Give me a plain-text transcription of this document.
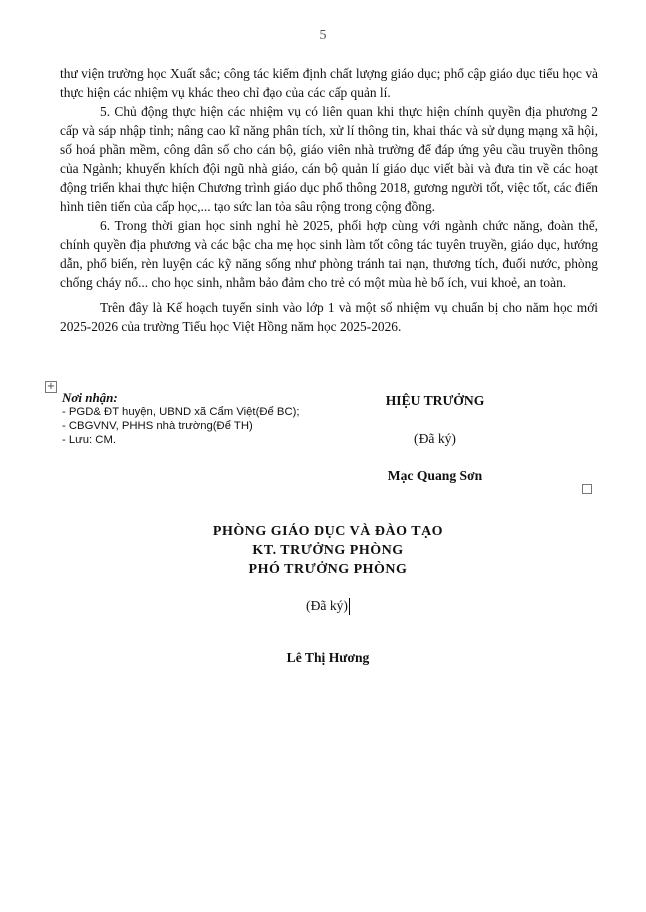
5

thư viện trường học Xuất sắc; công tác kiểm định chất lượng giáo dục; phổ cập giáo dục tiểu học và thực hiện các nhiệm vụ khác theo chỉ đạo của các cấp quản lí.

5. Chủ động thực hiện các nhiệm vụ có liên quan khi thực hiện chính quyền địa phương 2 cấp và sáp nhập tỉnh; nâng cao kĩ năng phân tích, xử lí thông tin, khai thác và sử dụng mạng xã hội, số hoá phần mềm, công dân số cho cán bộ, giáo viên nhà trường để đáp ứng yêu cầu truyền thông của Ngành; khuyến khích đội ngũ nhà giáo, cán bộ quản lí giáo dục viết bài và đưa tin về các hoạt động triển khai thực hiện Chương trình giáo dục phổ thông 2018, gương người tốt, việc tốt, các điển hình tiên tiến của cấp học,... tạo sức lan tỏa sâu rộng trong cộng đồng.

6. Trong thời gian học sinh nghỉ hè 2025, phối hợp cùng với ngành chức năng, đoàn thể, chính quyền địa phương và các bậc cha mẹ học sinh làm tốt công tác tuyên truyền, giáo dục, hướng dẫn, phổ biến, rèn luyện các kỹ năng sống như phòng tránh tai nạn, thương tích, đuối nước, phòng chống cháy nổ... cho học sinh, nhằm bảo đảm cho trẻ có một mùa hè bổ ích, vui khoẻ, an toàn.

Trên đây là Kế hoạch tuyển sinh vào lớp 1 và một số nhiệm vụ chuẩn bị cho năm học mới 2025-2026 của trường Tiểu học Việt Hồng năm học 2025-2026.

+
Nơi nhận:
- PGD& ĐT huyện, UBND xã Cẩm Việt(Để BC);
- CBGVNV, PHHS nhà trường(Để TH)
- Lưu: CM.
HIỆU TRƯỞNG
(Đã ký)
Mạc Quang Sơn
PHÒNG GIÁO DỤC VÀ ĐÀO TẠO
KT. TRƯỞNG PHÒNG
PHÓ TRƯỞNG PHÒNG
(Đã ký)
Lê Thị Hương
